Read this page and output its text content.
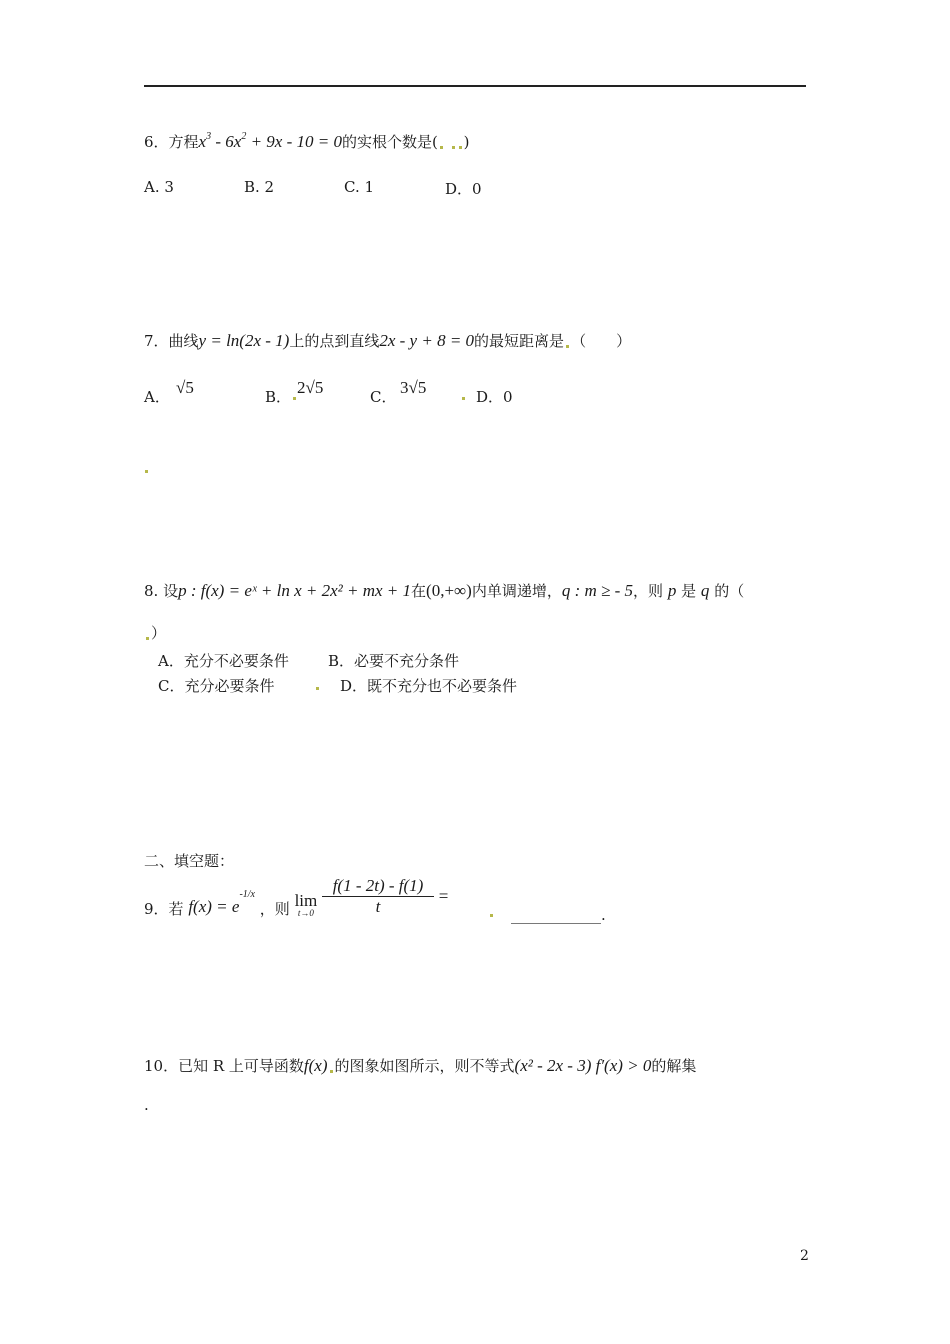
6．方程$x^3 - 6x^2 + 9x - 10 = 0$的实根个数是( )
A. 3	B. 2	C. 1	D．0
7．曲线y = ln(2x - 1)上的点到直线2x - y + 8 = 0的最短距离是 （　　）
A． √5	B． 2√5	C． 3√5	D．0
8. 设p : f(x) = eˣ + ln x + 2x² + mx + 1在(0,+∞)内单调递增，q : m ≥ - 5，则 p 是 q 的（
）
A．充分不必要条件	B．必要不充分条件
C．充分必要条件	D．既不充分也不必要条件
二、填空题：
9．若 $f(x) = e^{-1/x}$ ，则 lim
t→0
$\frac{f(1 - 2t) - f(1)}{t}$ =
____________.
10．已知 R 上可导函数f(x) 的图象如图所示，则不等式(x² - 2x - 3) f′(x) > 0的解集
.
2
